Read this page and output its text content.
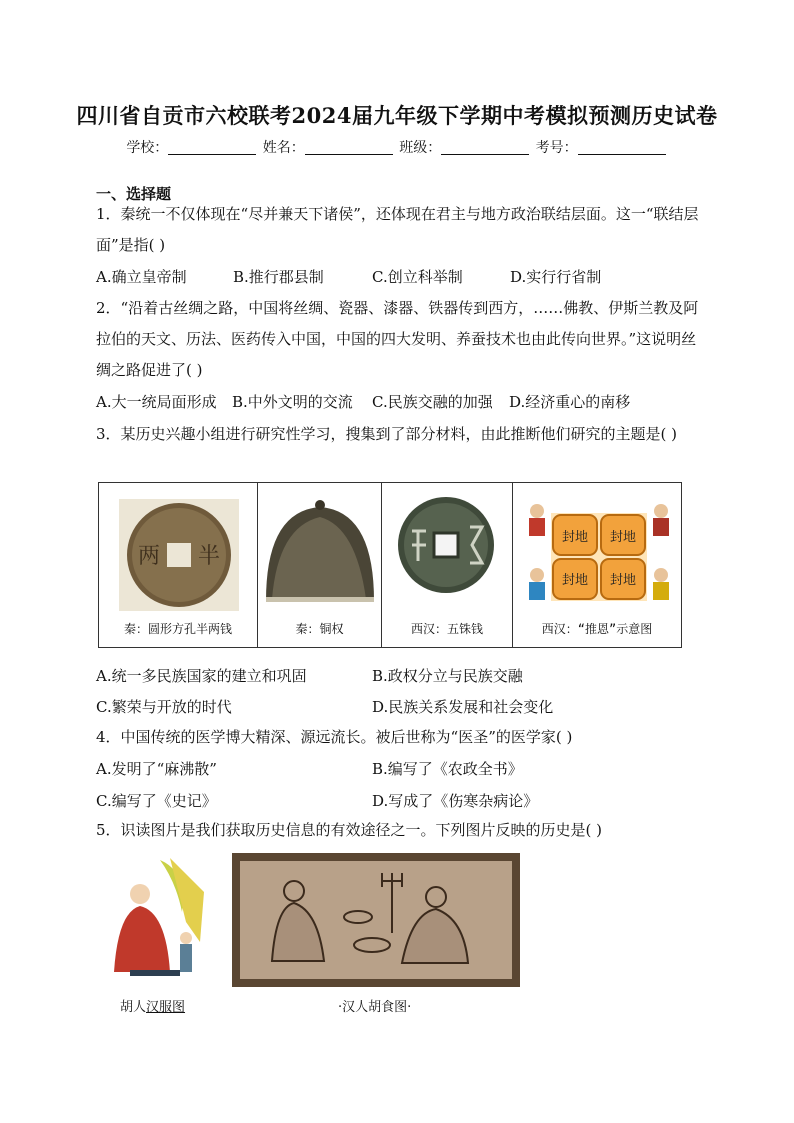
四川省自贡市六校联考2024届九年级下学期中考模拟预测历史试卷
学校：	姓名：	班级：	考号：
一、选择题
1．秦统一不仅体现在“尽并兼天下诸侯”，还体现在君主与地方政治联结层面。这一“联结层面”是指( )
A.确立皇帝制	B.推行郡县制	C.创立科举制	D.实行行省制
2．“沿着古丝绸之路，中国将丝绸、瓷器、漆器、铁器传到西方，……佛教、伊斯兰教及阿拉伯的天文、历法、医药传入中国，中国的四大发明、养蚕技术也由此传向世界。”这说明丝绸之路促进了( )
A.大一统局面形成 B.中外文明的交流 C.民族交融的加强 D.经济重心的南移
3．某历史兴趣小组进行研究性学习，搜集到了部分材料，由此推断他们研究的主题是( )
两 半
秦：圆形方孔半两钱	秦：铜权	西汉：五铢钱
封地 封地
封地 封地
西汉：“推恩”示意图
A.统一多民族国家的建立和巩固	B.政权分立与民族交融
C.繁荣与开放的时代	D.民族关系发展和社会变化
4．中国传统的医学博大精深、源远流长。被后世称为“医圣”的医学家( )
A.发明了“麻沸散”	B.编写了《农政全书》
C.编写了《史记》	D.写成了《伤寒杂病论》
5．识读图片是我们获取历史信息的有效途径之一。下列图片反映的历史是( )
胡人汉服图	·汉人胡食图·
